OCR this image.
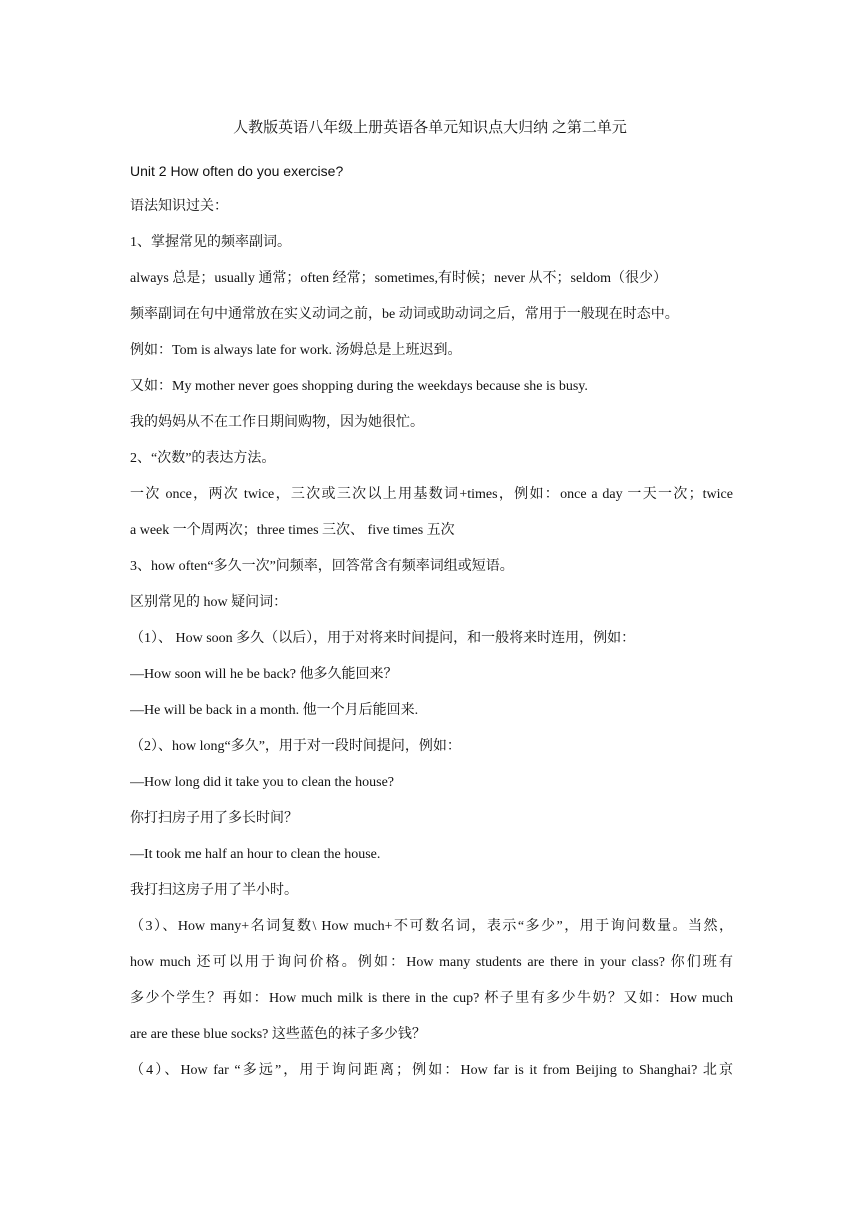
人教版英语八年级上册英语各单元知识点大归纳 之第二单元
Unit 2 How often do you exercise?
语法知识过关：
1、掌握常见的频率副词。
always 总是；usually 通常；often 经常；sometimes,有时候；never 从不；seldom（很少）
频率副词在句中通常放在实义动词之前，be 动词或助动词之后，常用于一般现在时态中。
例如：Tom is always late for work. 汤姆总是上班迟到。
又如：My mother never goes shopping during the weekdays because she is busy.
我的妈妈从不在工作日期间购物，因为她很忙。
2、“次数”的表达方法。
一次 once，两次 twice，三次或三次以上用基数词+times，例如：once a day 一天一次；twice
a week 一个周两次；three times 三次、 five times 五次
3、how often“多久一次”问频率，回答常含有频率词组或短语。
区别常见的 how 疑问词：
（1）、 How soon 多久（以后），用于对将来时间提问，和一般将来时连用，例如：
—How soon will he be back? 他多久能回来？
—He will be back in a month. 他一个月后能回来.
（2）、how long“多久”，用于对一段时间提问，例如：
—How long did it take you to clean the house?
你打扫房子用了多长时间？
—It took me half an hour to clean the house.
我打扫这房子用了半小时。
（3）、How many+名词复数\ How much+不可数名词，表示“多少”，用于询问数量。当然，
how much 还可以用于询问价格。例如：How many students are there in your class? 你们班有
多少个学生？再如：How much milk is there in the cup? 杯子里有多少牛奶？又如：How much
are are these blue socks? 这些蓝色的袜子多少钱？
（4）、How far “多远”，用于询问距离；例如：How far is it from Beijing to Shanghai? 北京
